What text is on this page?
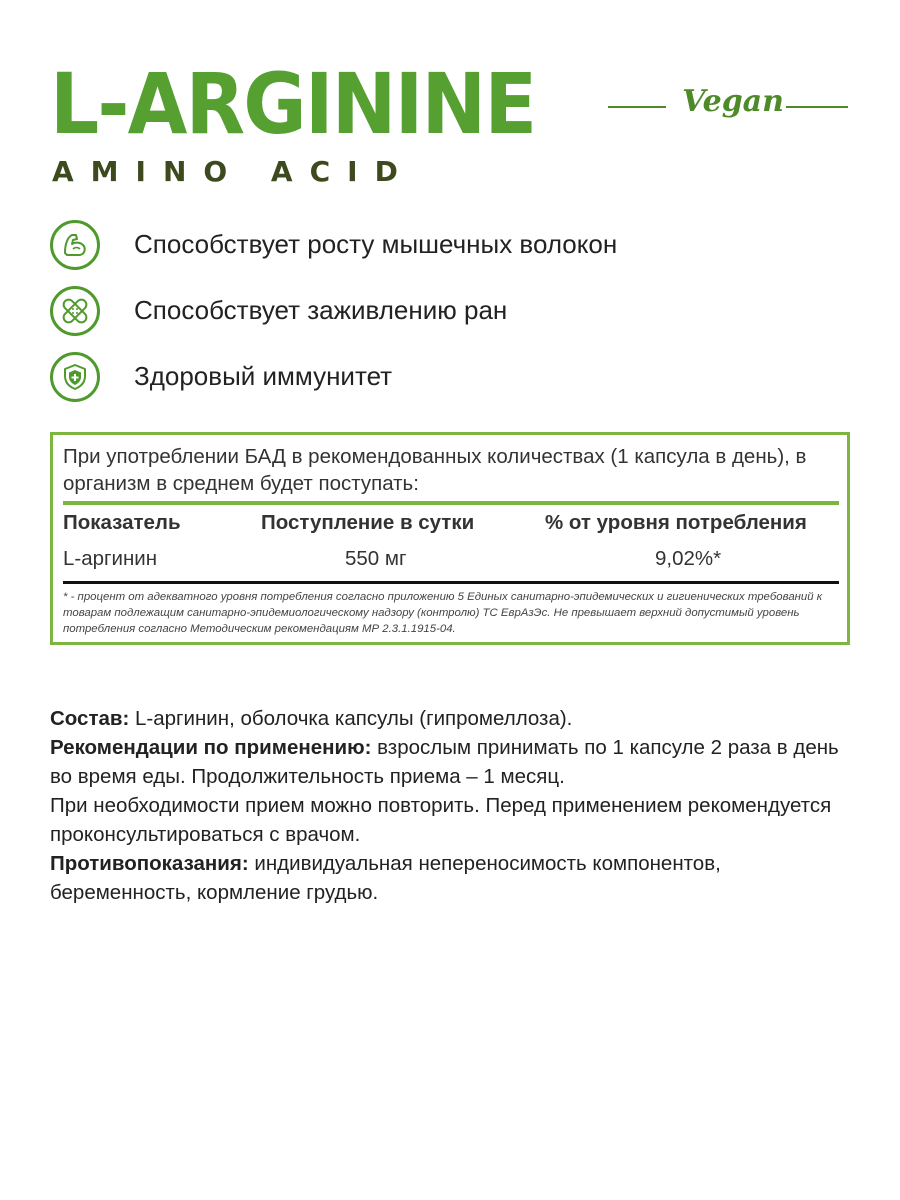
L-ARGININE
AMINO ACID
Vegan
Способствует росту мышечных волокон
Способствует заживлению ран
Здоровый иммунитет
При употреблении БАД в рекомендованных количествах (1 капсула в день), в организм в среднем будет поступать:
Показатель	Поступление в сутки	% от уровня потребления
L-аргинин	550 мг	9,02%*
* - процент от адекватного уровня потребления согласно приложению 5 Единых санитарно-эпидемических и гигиенических требований к товарам подлежащим санитарно-эпидемиологическому надзору (контролю) ТС ЕврАзЭс. Не превышает верхний допустимый уровень потребления согласно Методическим рекомендациям МР 2.3.1.1915-04.

Состав: L-аргинин, оболочка капсулы (гипромеллоза).

Рекомендации по применению: взрослым принимать по 1 капсуле 2 раза в день во время еды. Продолжительность приема – 1 месяц.

При необходимости прием можно повторить. Перед применением рекомендуется проконсультироваться с врачом.

Противопоказания: индивидуальная непереносимость компонентов, беременность, кормление грудью.
